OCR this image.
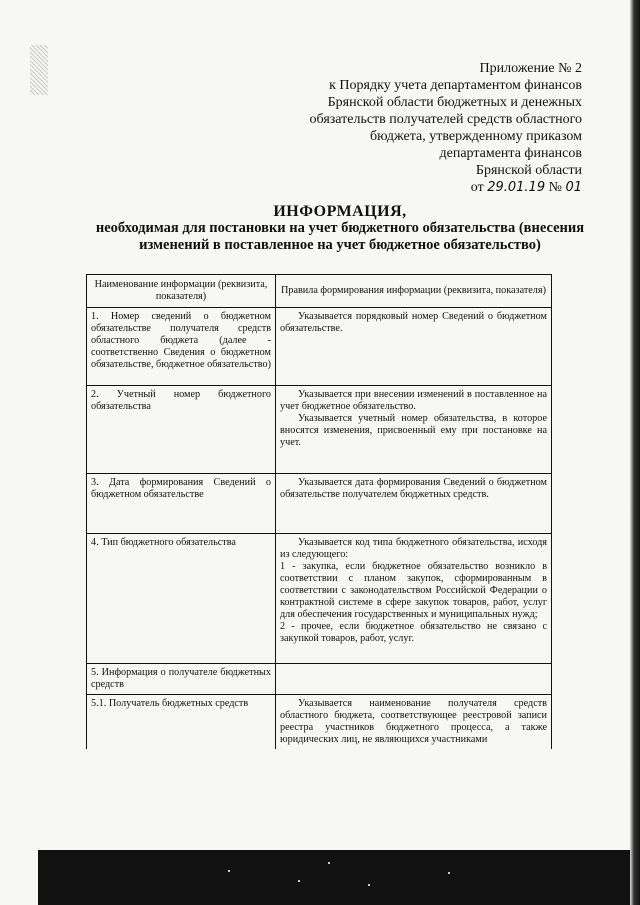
Приложение № 2
к Порядку учета департаментом финансов
Брянской области бюджетных и денежных
обязательств получателей средств областного
бюджета, утвержденному приказом
департамента финансов
Брянской области
от 29.01.19 № 01
ИНФОРМАЦИЯ,
необходимая для постановки на учет бюджетного обязательства (внесения
изменений в поставленное на учет бюджетное обязательство)
Наименование информации (реквизита, показателя)	Правила формирования информации (реквизита, показателя)
1. Номер сведений о бюджетном обязательстве получателя средств областного бюджета (далее - соответственно Сведения о бюджетном обязательстве, бюджетное обязательство)	Указывается порядковый номер Сведений о бюджетном обязательстве.

2. Учетный номер бюджетного обязательства	Указывается при внесении изменений в поставленное на учет бюджетное обязательство.
Указывается учетный номер обязательства, в которое вносятся изменения, присвоенный ему при постановке на учет.

3. Дата формирования Сведений о бюджетном обязательстве	Указывается дата формирования Сведений о бюджетном обязательстве получателем бюджетных средств.

4. Тип бюджетного обязательства	Указывается код типа бюджетного обязательства, исходя из следующего:
1 - закупка, если бюджетное обязательство возникло в соответствии с планом закупок, сформированным в соответствии с законодательством Российской Федерации о контрактной системе в сфере закупок товаров, работ, услуг для обеспечения государственных и муниципальных нужд;
2 - прочее, если бюджетное обязательство не связано с закупкой товаров, работ, услуг.

5. Информация о получателе бюджетных средств	
5.1. Получатель бюджетных средств	Указывается наименование получателя средств областного бюджета, соответствующее реестровой записи реестра участников бюджетного процесса, а также юридических лиц, не являющихся участниками
